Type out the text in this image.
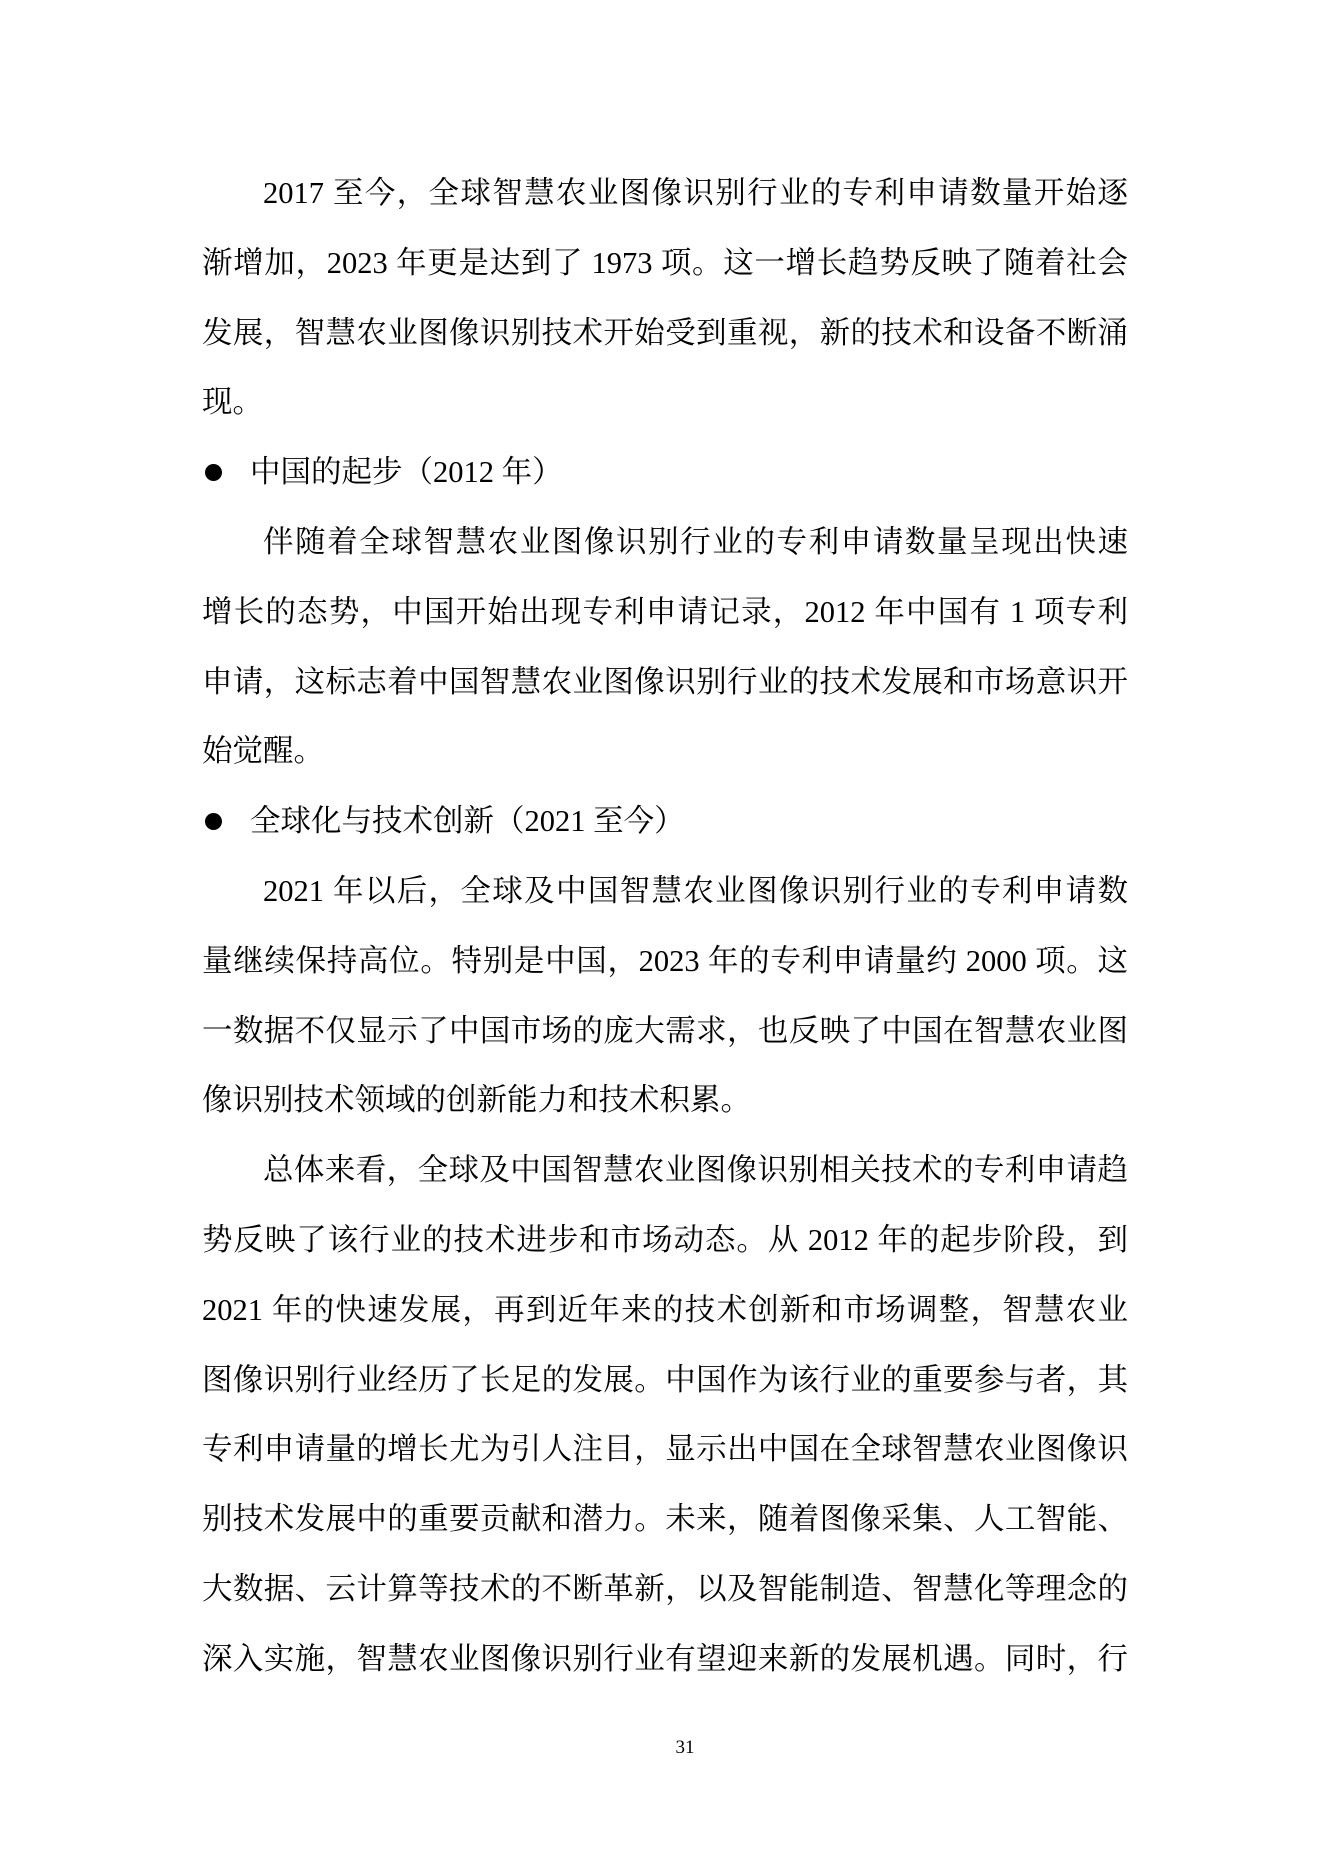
2017 至今，全球智慧农业图像识别行业的专利申请数量开始逐
渐增加，2023 年更是达到了 1973 项。这一增长趋势反映了随着社会
发展，智慧农业图像识别技术开始受到重视，新的技术和设备不断涌
现。
中国的起步（2012 年）
伴随着全球智慧农业图像识别行业的专利申请数量呈现出快速
增长的态势，中国开始出现专利申请记录，2012 年中国有 1 项专利
申请，这标志着中国智慧农业图像识别行业的技术发展和市场意识开
始觉醒。
全球化与技术创新（2021 至今）
2021 年以后，全球及中国智慧农业图像识别行业的专利申请数
量继续保持高位。特别是中国，2023 年的专利申请量约 2000 项。这
一数据不仅显示了中国市场的庞大需求，也反映了中国在智慧农业图
像识别技术领域的创新能力和技术积累。
总体来看，全球及中国智慧农业图像识别相关技术的专利申请趋
势反映了该行业的技术进步和市场动态。从 2012 年的起步阶段，到
2021 年的快速发展，再到近年来的技术创新和市场调整，智慧农业
图像识别行业经历了长足的发展。中国作为该行业的重要参与者，其
专利申请量的增长尤为引人注目，显示出中国在全球智慧农业图像识
别技术发展中的重要贡献和潜力。未来，随着图像采集、人工智能、
大数据、云计算等技术的不断革新，以及智能制造、智慧化等理念的
深入实施，智慧农业图像识别行业有望迎来新的发展机遇。同时，行
31
